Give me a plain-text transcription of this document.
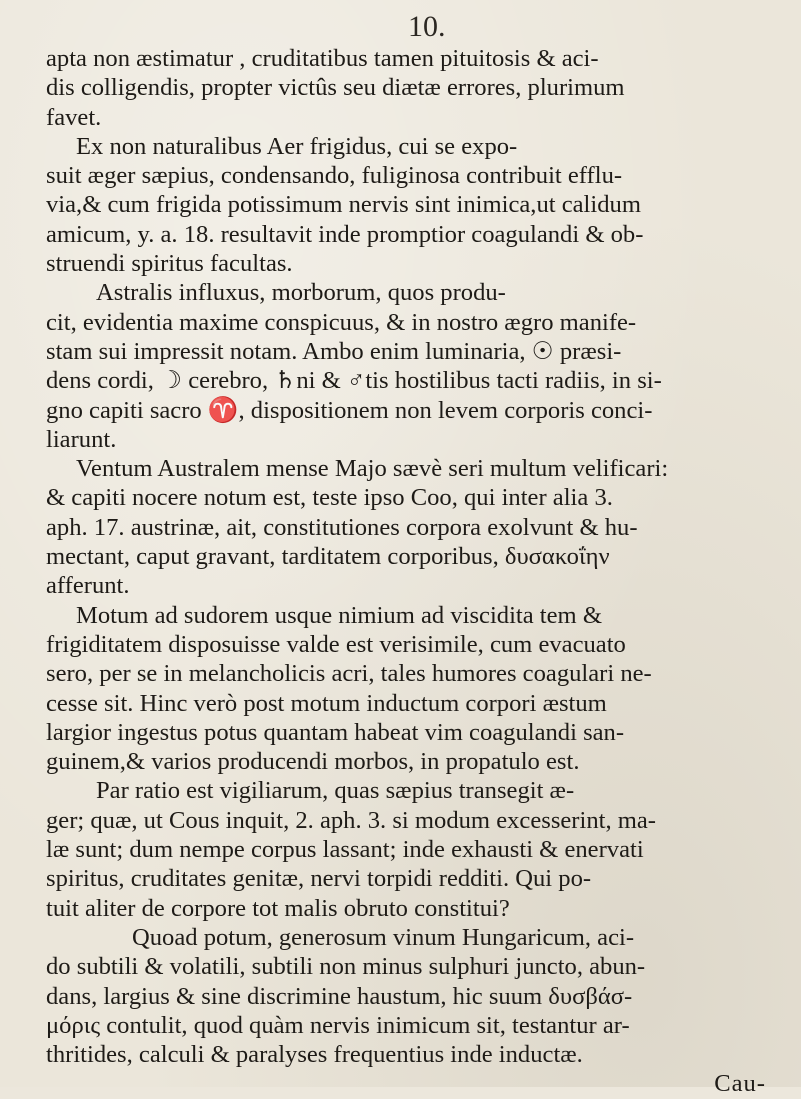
10.
apta non æstimatur , cruditatibus tamen pituitosis & aci-
dis colligendis, propter victûs seu diætæ errores, plurimum
favet.
Ex non naturalibus Aer frigidus, cui se expo-
suit æger sæpius, condensando, fuliginosa contribuit efflu-
via,& cum frigida potissimum nervis sint inimica,ut calidum
amicum, y. a. 18. resultavit inde promptior coagulandi & ob-
struendi spiritus facultas.
Astralis influxus, morborum, quos produ-
cit, evidentia maxime conspicuus, & in nostro ægro manife-
stam sui impressit notam. Ambo enim luminaria, ☉ præsi-
dens cordi, ☽ cerebro, ♄ni & ♂tis hostilibus tacti radiis, in si-
gno capiti sacro ♈, dispositionem non levem corporis conci-
liarunt.
Ventum Australem mense Majo sævè seri multum velificari:
& capiti nocere notum est, teste ipso Coo, qui inter alia 3.
aph. 17. austrinæ, ait, constitutiones corpora exolvunt & hu-
mectant, caput gravant, tarditatem corporibus, δυσακοΐην
afferunt.
Motum ad sudorem usque nimium ad viscidita tem &
frigiditatem disposuisse valde est verisimile, cum evacuato
sero, per se in melancholicis acri, tales humores coagulari ne-
cesse sit. Hinc verò post motum inductum corpori æstum
largior ingestus potus quantam habeat vim coagulandi san-
guinem,& varios producendi morbos, in propatulo est.
Par ratio est vigiliarum, quas sæpius transegit æ-
ger; quæ, ut Cous inquit, 2. aph. 3. si modum excesserint, ma-
læ sunt; dum nempe corpus lassant; inde exhausti & enervati
spiritus, cruditates genitæ, nervi torpidi redditi. Qui po-
tuit aliter de corpore tot malis obruto constitui?
Quoad potum, generosum vinum Hungaricum, aci-
do subtili & volatili, subtili non minus sulphuri juncto, abun-
dans, largius & sine discrimine haustum, hic suum δυσβάσ-
μόρις contulit, quod quàm nervis inimicum sit, testantur ar-
thritides, calculi & paralyses frequentius inde inductæ.
Cau-
